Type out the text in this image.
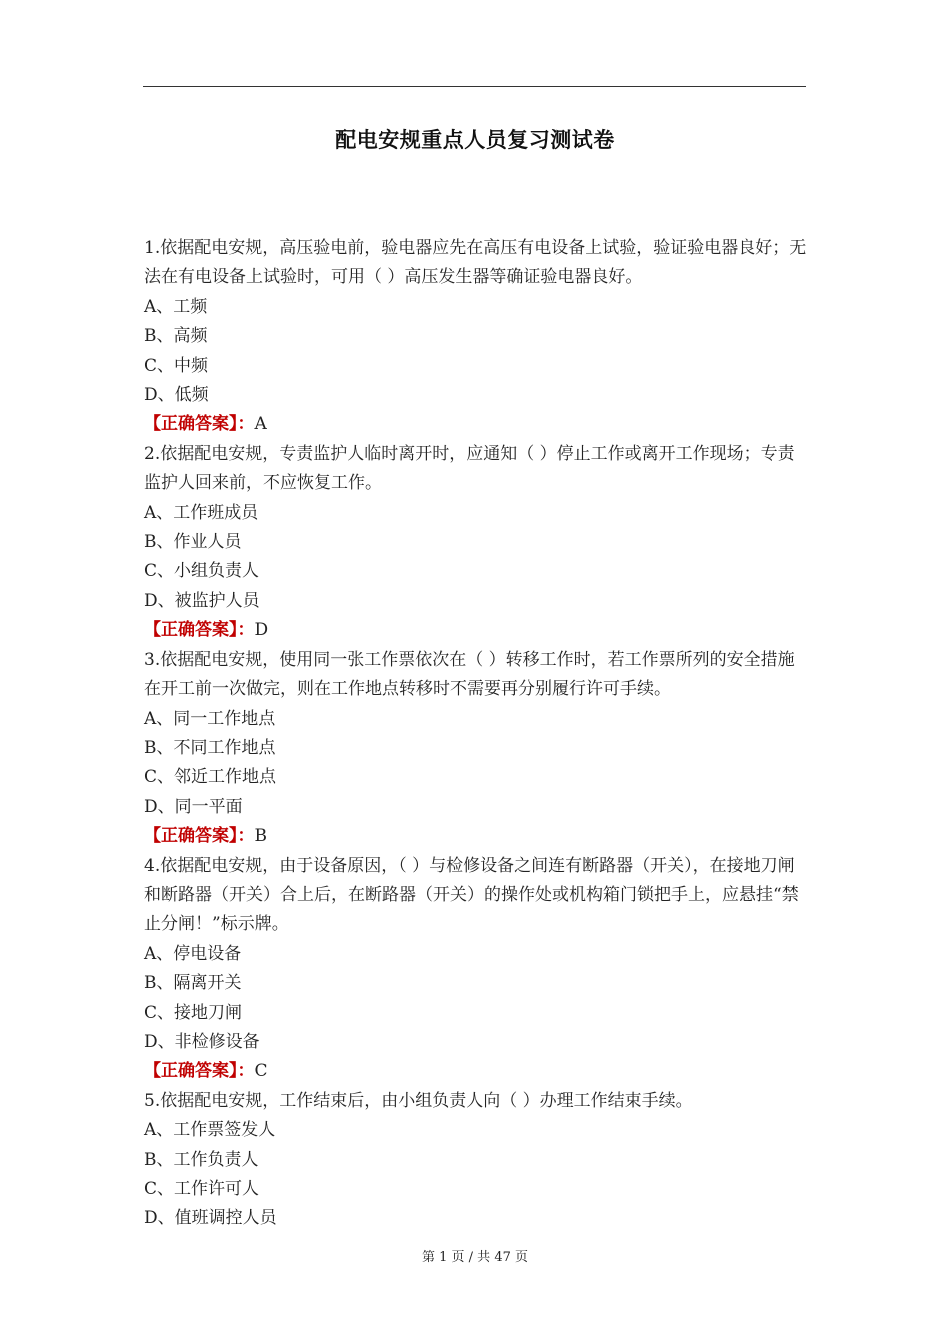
配电安规重点人员复习测试卷

1.依据配电安规，高压验电前，验电器应先在高压有电设备上试验，验证验电器良好；无法在有电设备上试验时，可用（ ）高压发生器等确证验电器良好。

A、工频

B、高频

C、中频

D、低频

【正确答案】：A

2.依据配电安规，专责监护人临时离开时，应通知（ ）停止工作或离开工作现场；专责监护人回来前，不应恢复工作。

A、工作班成员

B、作业人员

C、小组负责人

D、被监护人员

【正确答案】：D

3.依据配电安规，使用同一张工作票依次在（ ）转移工作时，若工作票所列的安全措施在开工前一次做完，则在工作地点转移时不需要再分别履行许可手续。

A、同一工作地点

B、不同工作地点

C、邻近工作地点

D、同一平面

【正确答案】：B

4.依据配电安规，由于设备原因，（ ）与检修设备之间连有断路器（开关），在接地刀闸和断路器（开关）合上后，在断路器（开关）的操作处或机构箱门锁把手上，应悬挂“禁止分闸！”标示牌。

A、停电设备

B、隔离开关

C、接地刀闸

D、非检修设备

【正确答案】：C

5.依据配电安规，工作结束后，由小组负责人向（ ）办理工作结束手续。

A、工作票签发人

B、工作负责人

C、工作许可人

D、值班调控人员

第 1 页 / 共 47 页
